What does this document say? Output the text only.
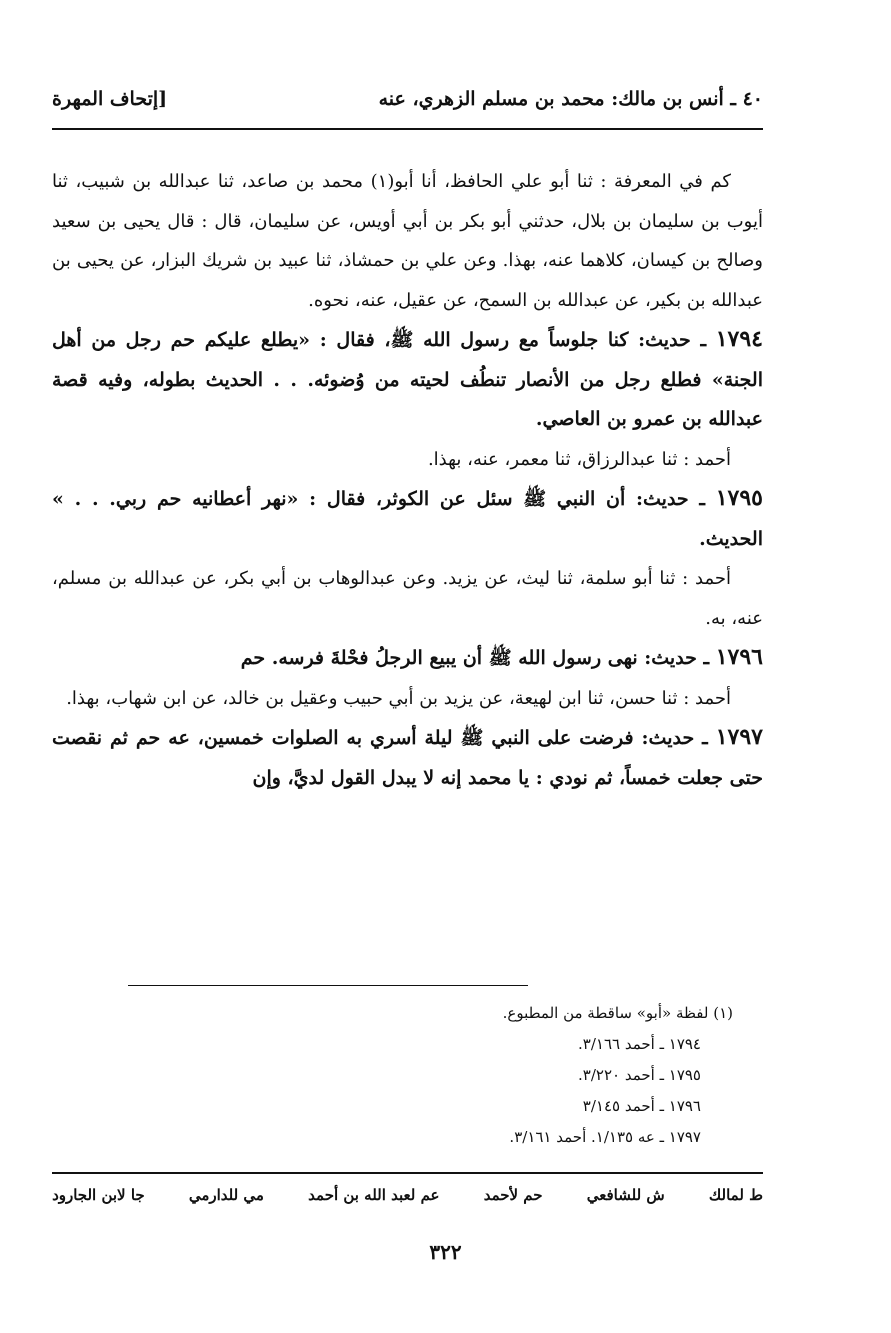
٤٠ ـ أنس بن مالك: محمد بن مسلم الزهري، عنه
[إتحاف المهرة

كم في المعرفة : ثنا أبو علي الحافظ، أنا أبو(١) محمد بن صاعد، ثنا عبدالله بن شبيب، ثنا أيوب بن سليمان بن بلال، حدثني أبو بكر بن أبي أويس، عن سليمان، قال : قال يحيى بن سعيد وصالح بن كيسان، كلاهما عنه، بهذا. وعن علي بن حمشاذ، ثنا عبيد بن شريك البزار، عن يحيى بن عبدالله بن بكير، عن عبدالله بن السمح، عن عقيل، عنه، نحوه.

١٧٩٤ ـ حديث: كنا جلوساً مع رسول الله ﷺ، فقال : «يطلع عليكم حم رجل من أهل الجنة» فطلع رجل من الأنصار تنطُف لحيته من وُضوئه. . . الحديث بطوله، وفيه قصة عبدالله بن عمرو بن العاصي.

أحمد : ثنا عبدالرزاق، ثنا معمر، عنه، بهذا.

١٧٩٥ ـ حديث: أن النبي ﷺ سئل عن الكوثر، فقال : «نهر أعطانيه حم ربي. . . » الحديث.

أحمد : ثنا أبو سلمة، ثنا ليث، عن يزيد. وعن عبدالوهاب بن أبي بكر، عن عبدالله بن مسلم، عنه، به.

١٧٩٦ ـ حديث: نهى رسول الله ﷺ أن يبيع الرجلُ فحْلةَ فرسه. حم

أحمد : ثنا حسن، ثنا ابن لهيعة، عن يزيد بن أبي حبيب وعقيل بن خالد، عن ابن شهاب، بهذا.

١٧٩٧ ـ حديث: فرضت على النبي ﷺ ليلة أسري به الصلوات خمسين، عه حم ثم نقصت حتى جعلت خمساً، ثم نودي : يا محمد إنه لا يبدل القول لديَّ، وإن

(١) لفظة «أبو» ساقطة من المطبوع.
١٧٩٤ ـ أحمد ٣/١٦٦.
١٧٩٥ ـ أحمد ٣/٢٢٠.
١٧٩٦ ـ أحمد ٣/١٤٥
١٧٩٧ ـ عه ١/١٣٥. أحمد ٣/١٦١.
ط لمالك
ش للشافعي
حم لأحمد
عم لعبد الله بن أحمد
مي للدارمي
جا لابن الجارود
٣٢٢
